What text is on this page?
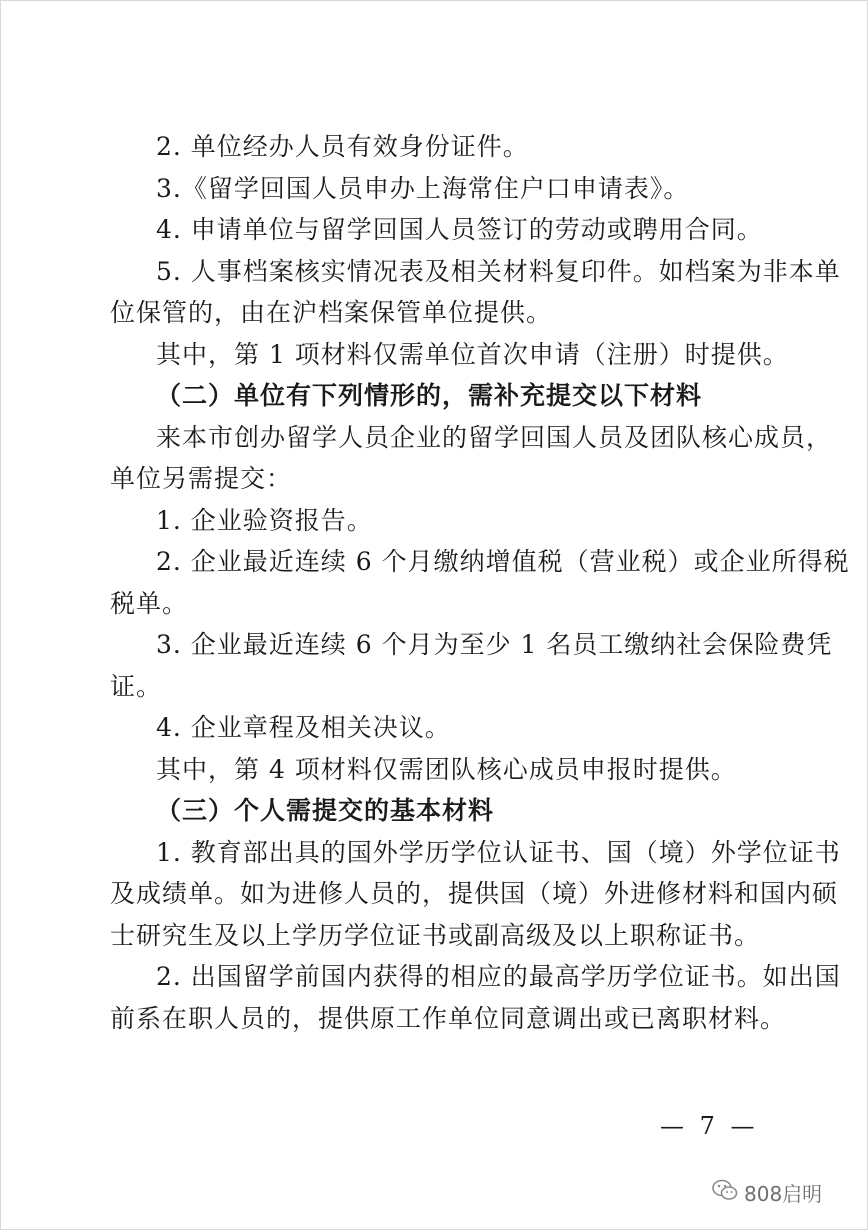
2. 单位经办人员有效身份证件。
3.《留学回国人员申办上海常住户口申请表》。
4. 申请单位与留学回国人员签订的劳动或聘用合同。
5. 人事档案核实情况表及相关材料复印件。如档案为非本单
位保管的，由在沪档案保管单位提供。
其中，第 1 项材料仅需单位首次申请（注册）时提供。
（二）单位有下列情形的，需补充提交以下材料
来本市创办留学人员企业的留学回国人员及团队核心成员，
单位另需提交：
1. 企业验资报告。
2. 企业最近连续 6 个月缴纳增值税（营业税）或企业所得税
税单。
3. 企业最近连续 6 个月为至少 1 名员工缴纳社会保险费凭
证。
4. 企业章程及相关决议。
其中，第 4 项材料仅需团队核心成员申报时提供。
（三）个人需提交的基本材料
1. 教育部出具的国外学历学位认证书、国（境）外学位证书
及成绩单。如为进修人员的，提供国（境）外进修材料和国内硕
士研究生及以上学历学位证书或副高级及以上职称证书。
2. 出国留学前国内获得的相应的最高学历学位证书。如出国
前系在职人员的，提供原工作单位同意调出或已离职材料。
— 7 —
808启明
